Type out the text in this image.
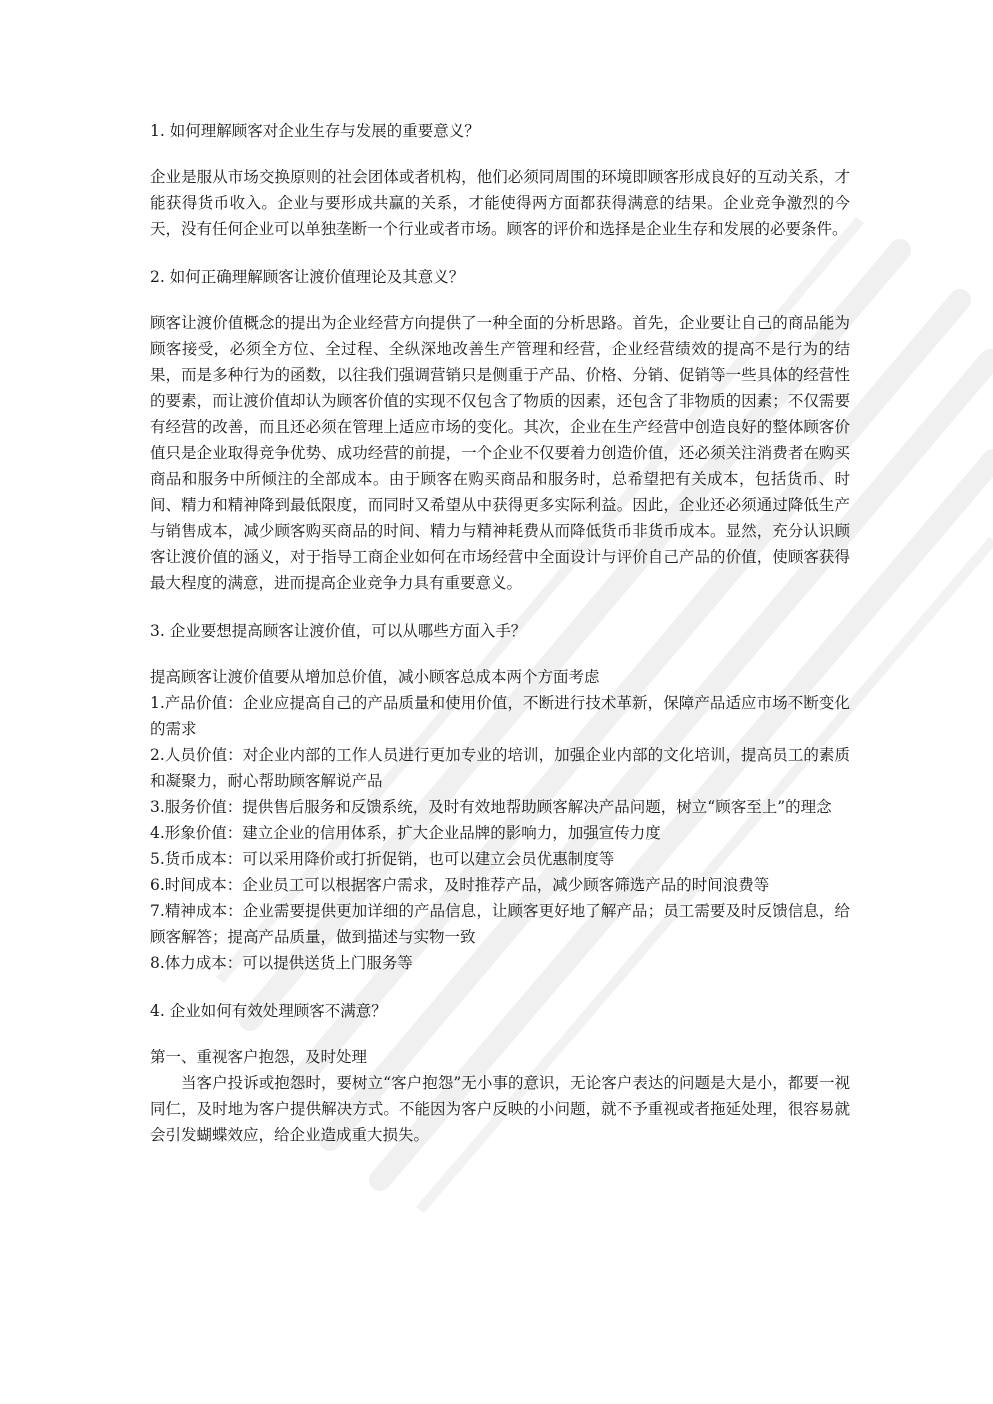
1. 如何理解顾客对企业生存与发展的重要意义？

企业是服从市场交换原则的社会团体或者机构，他们必须同周围的环境即顾客形成良好的互动关系，才能获得货币收入。企业与要形成共赢的关系，才能使得两方面都获得满意的结果。企业竞争激烈的今天，没有任何企业可以单独垄断一个行业或者市场。顾客的评价和选择是企业生存和发展的必要条件。

2. 如何正确理解顾客让渡价值理论及其意义？

顾客让渡价值概念的提出为企业经营方向提供了一种全面的分析思路。首先，企业要让自己的商品能为顾客接受，必须全方位、全过程、全纵深地改善生产管理和经营，企业经营绩效的提高不是行为的结果，而是多种行为的函数，以往我们强调营销只是侧重于产品、价格、分销、促销等一些具体的经营性的要素，而让渡价值却认为顾客价值的实现不仅包含了物质的因素，还包含了非物质的因素；不仅需要有经营的改善，而且还必须在管理上适应市场的变化。其次，企业在生产经营中创造良好的整体顾客价值只是企业取得竞争优势、成功经营的前提，一个企业不仅要着力创造价值，还必须关注消费者在购买商品和服务中所倾注的全部成本。由于顾客在购买商品和服务时，总希望把有关成本，包括货币、时间、精力和精神降到最低限度，而同时又希望从中获得更多实际利益。因此，企业还必须通过降低生产与销售成本，减少顾客购买商品的时间、精力与精神耗费从而降低货币非货币成本。显然，充分认识顾客让渡价值的涵义，对于指导工商企业如何在市场经营中全面设计与评价自己产品的价值，使顾客获得最大程度的满意，进而提高企业竞争力具有重要意义。

3. 企业要想提高顾客让渡价值，可以从哪些方面入手？

提高顾客让渡价值要从增加总价值，减小顾客总成本两个方面考虑

1.产品价值：企业应提高自己的产品质量和使用价值，不断进行技术革新，保障产品适应市场不断变化的需求

2.人员价值：对企业内部的工作人员进行更加专业的培训，加强企业内部的文化培训，提高员工的素质和凝聚力，耐心帮助顾客解说产品

3.服务价值：提供售后服务和反馈系统，及时有效地帮助顾客解决产品问题，树立“顾客至上”的理念

4.形象价值：建立企业的信用体系，扩大企业品牌的影响力，加强宣传力度

5.货币成本：可以采用降价或打折促销，也可以建立会员优惠制度等

6.时间成本：企业员工可以根据客户需求，及时推荐产品，减少顾客筛选产品的时间浪费等

7.精神成本：企业需要提供更加详细的产品信息，让顾客更好地了解产品；员工需要及时反馈信息，给顾客解答；提高产品质量，做到描述与实物一致

8.体力成本：可以提供送货上门服务等

4. 企业如何有效处理顾客不满意？

第一、重视客户抱怨，及时处理

当客户投诉或抱怨时，要树立“客户抱怨”无小事的意识，无论客户表达的问题是大是小，都要一视同仁，及时地为客户提供解决方式。不能因为客户反映的小问题，就不予重视或者拖延处理，很容易就会引发蝴蝶效应，给企业造成重大损失。
